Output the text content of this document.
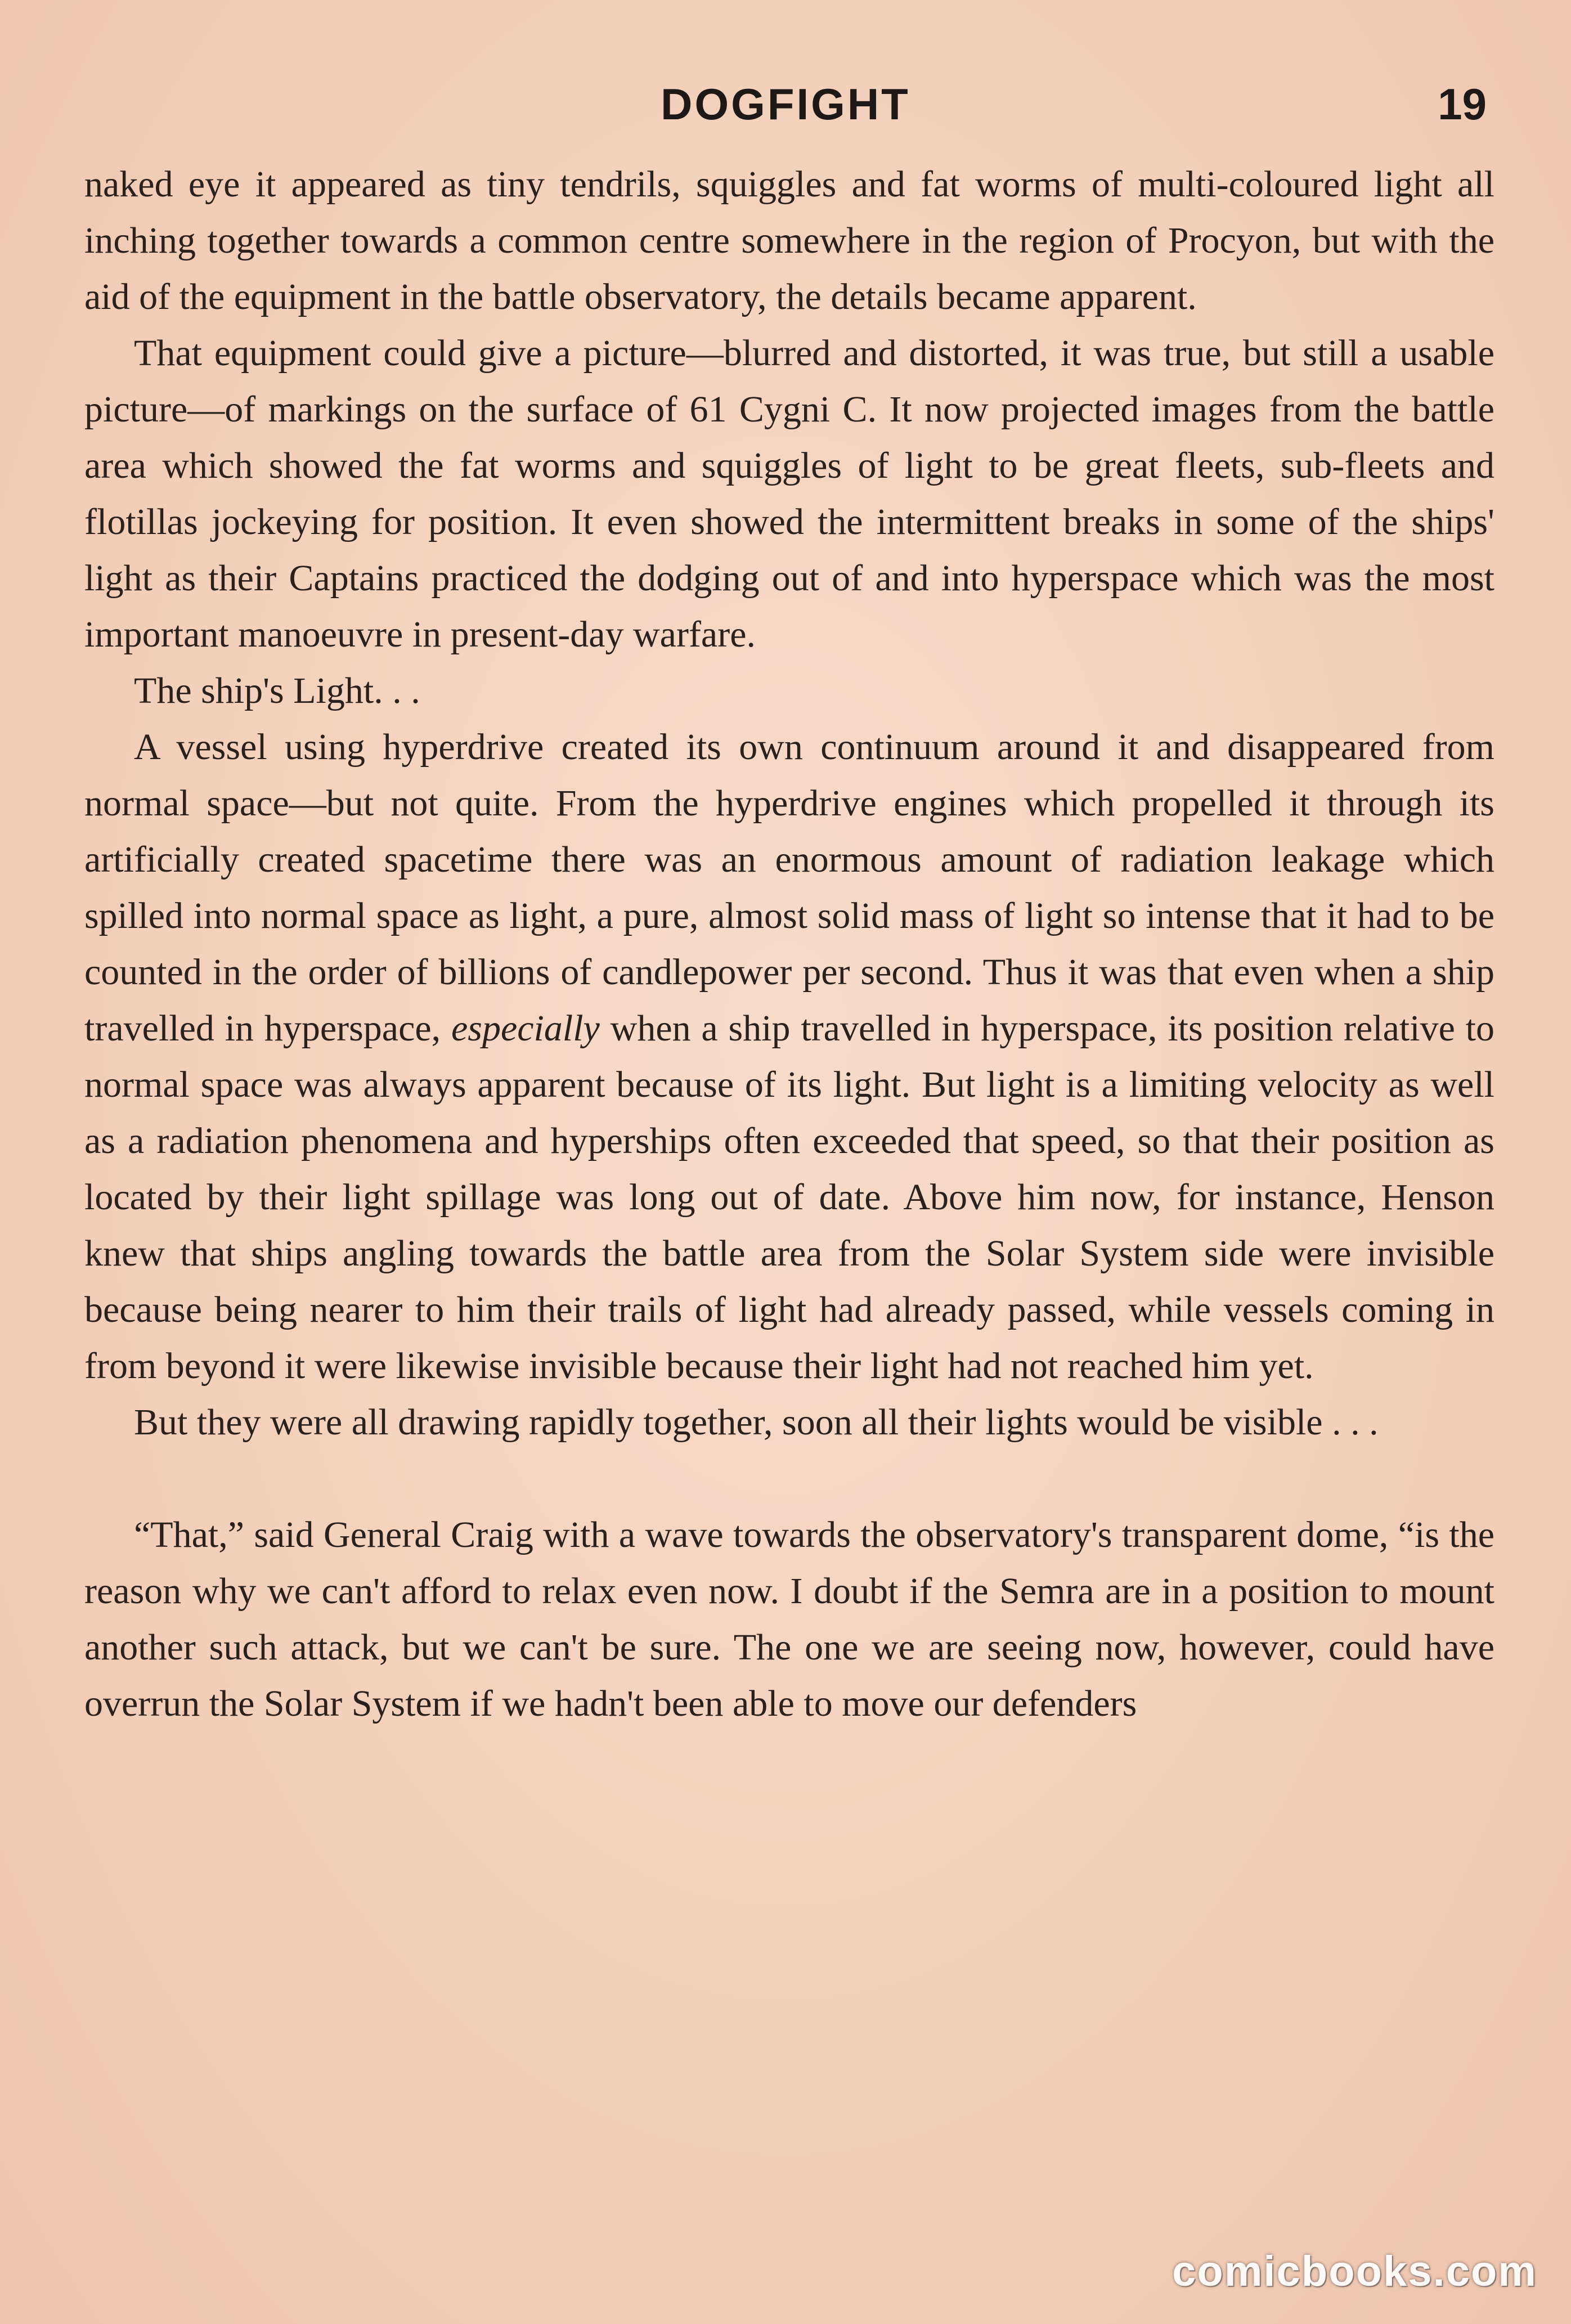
DOGFIGHT	19

naked eye it appeared as tiny tendrils, squiggles and fat worms of multi-coloured light all inching together towards a common centre somewhere in the region of Procyon, but with the aid of the equipment in the battle observatory, the details became apparent.

That equipment could give a picture—blurred and distorted, it was true, but still a usable picture—of markings on the surface of 61 Cygni C. It now projected images from the battle area which showed the fat worms and squiggles of light to be great fleets, sub-fleets and flotillas jockeying for position. It even showed the intermittent breaks in some of the ships' light as their Captains practiced the dodging out of and into hyperspace which was the most important manoeuvre in present-day warfare.

The ship's Light. . .

A vessel using hyperdrive created its own continuum around it and disappeared from normal space—but not quite. From the hyperdrive engines which propelled it through its artificially created spacetime there was an enormous amount of radiation leakage which spilled into normal space as light, a pure, almost solid mass of light so intense that it had to be counted in the order of billions of candlepower per second. Thus it was that even when a ship travelled in hyperspace, especially when a ship travelled in hyperspace, its position relative to normal space was always apparent because of its light. But light is a limiting velocity as well as a radiation phenomena and hyperships often exceeded that speed, so that their position as located by their light spillage was long out of date. Above him now, for instance, Henson knew that ships angling towards the battle area from the Solar System side were invisible because being nearer to him their trails of light had already passed, while vessels coming in from beyond it were likewise invisible because their light had not reached him yet.

But they were all drawing rapidly together, soon all their lights would be visible . . .

“That,” said General Craig with a wave towards the observatory's transparent dome, “is the reason why we can't afford to relax even now. I doubt if the Semra are in a position to mount another such attack, but we can't be sure. The one we are seeing now, however, could have overrun the Solar System if we hadn't been able to move our defenders

comicbooks.com
